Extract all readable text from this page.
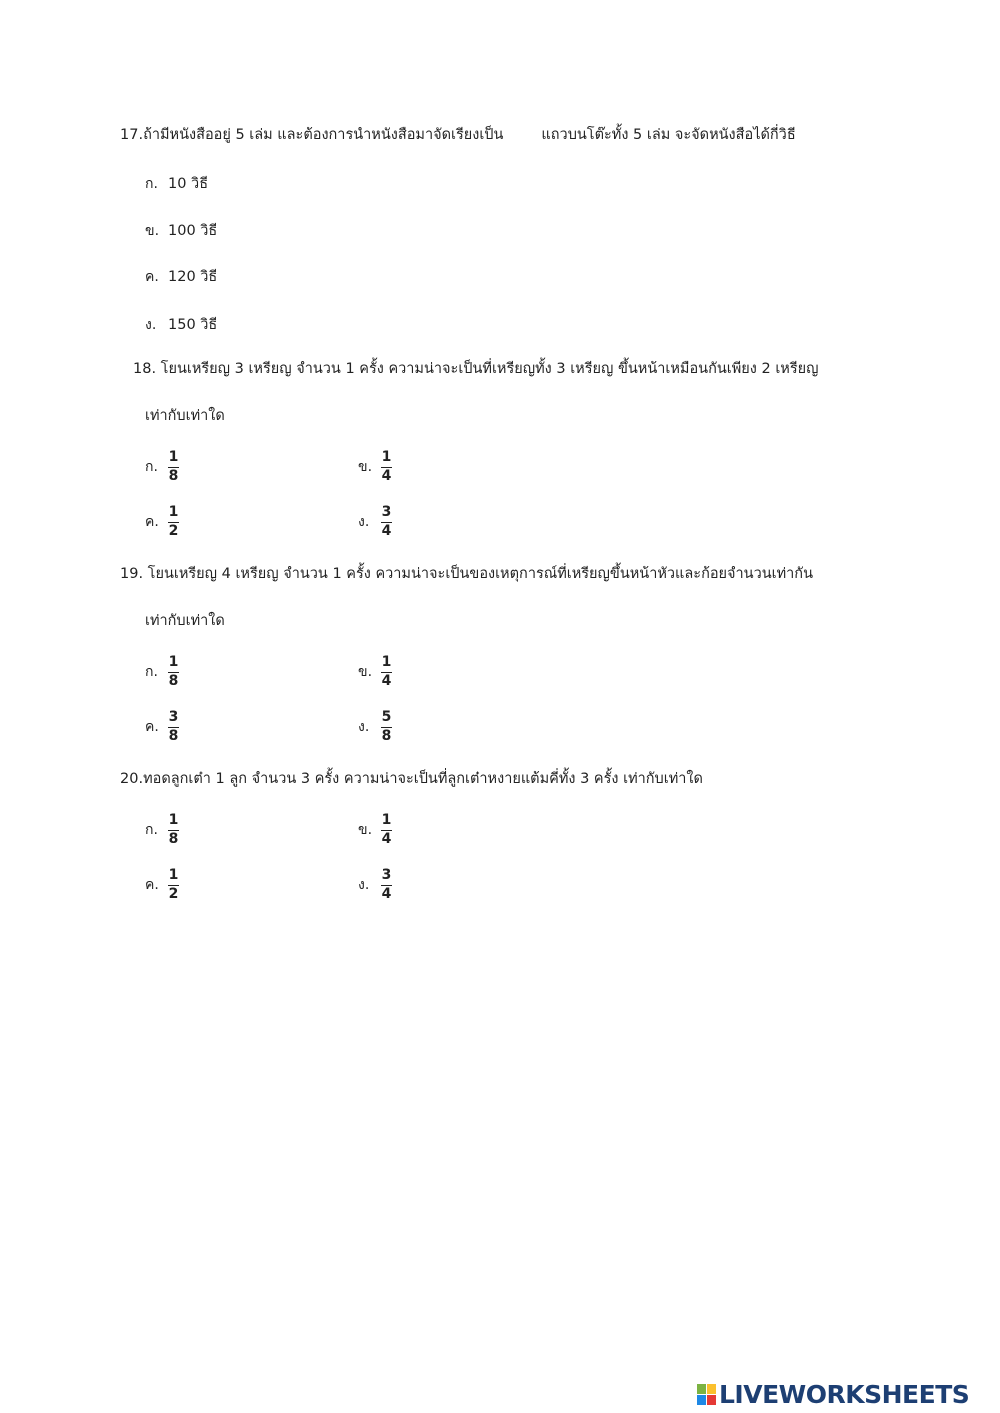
17.ถ้ามีหนังสืออยู่ 5 เล่ม และต้องการนำหนังสือมาจัดเรียงเป็น	แถวบนโต๊ะทั้ง 5 เล่ม จะจัดหนังสือได้กี่วิธี
ก. 10 วิธี
ข. 100 วิธี
ค. 120 วิธี
ง. 150 วิธี
18. โยนเหรียญ 3 เหรียญ จำนวน 1 ครั้ง ความน่าจะเป็นที่เหรียญทั้ง 3 เหรียญ ขึ้นหน้าเหมือนกันเพียง 2 เหรียญ
เท่ากับเท่าใด
19. โยนเหรียญ 4 เหรียญ จำนวน 1 ครั้ง ความน่าจะเป็นของเหตุการณ์ที่เหรียญขึ้นหน้าหัวและก้อยจำนวนเท่ากัน
เท่ากับเท่าใด
20.ทอดลูกเต๋า 1 ลูก จำนวน 3 ครั้ง ความน่าจะเป็นที่ลูกเต๋าหงายแต้มคี่ทั้ง 3 ครั้ง เท่ากับเท่าใด
ก. $\frac{1}{8}$	ข. $\frac{1}{4}$
ค. $\frac{1}{2}$	ง. $\frac{3}{4}$
ก. $\frac{1}{8}$	ข. $\frac{1}{4}$
ค. $\frac{3}{8}$	ง. $\frac{5}{8}$
ก. $\frac{1}{8}$	ข. $\frac{1}{4}$
ค. $\frac{1}{2}$	ง. $\frac{3}{4}$
LIVEWORKSHEETS
